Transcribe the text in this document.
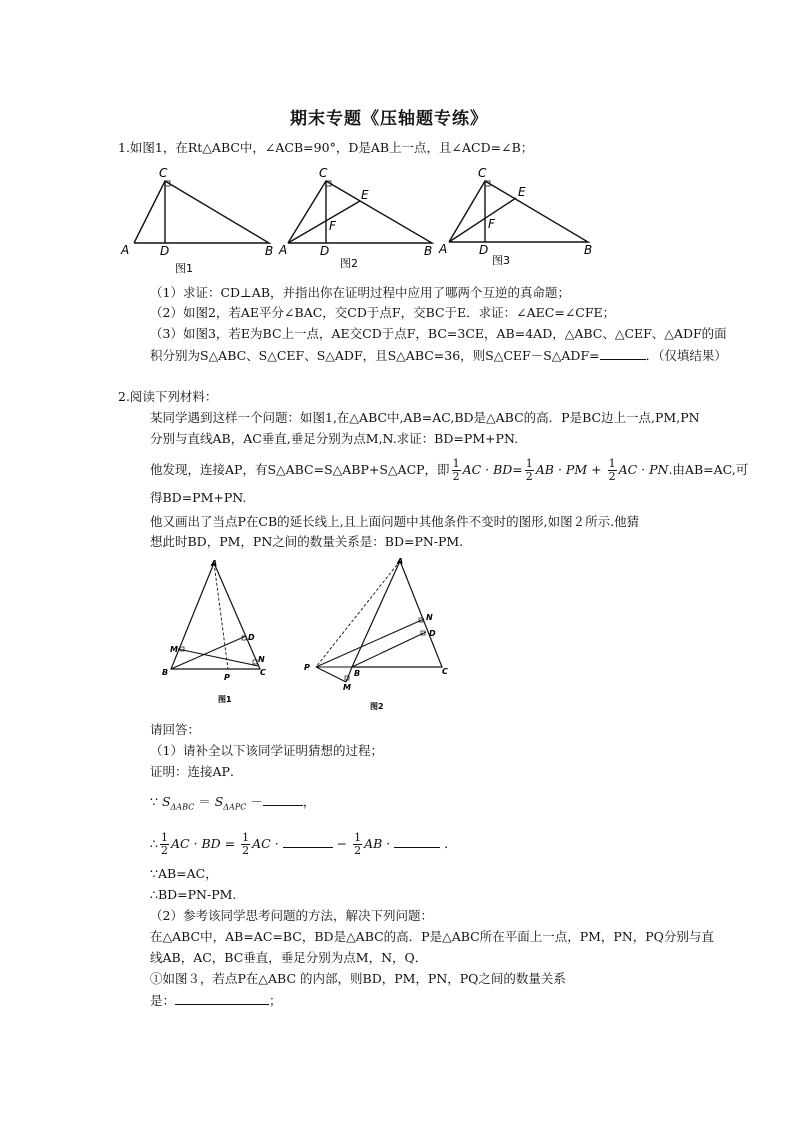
期末专题《压轴题专练》
1.如图1，在Rt△ABC中，∠ACB=90°，D是AB上一点，且∠ACD=∠B；
C
A	D	B
图1
C
E
F
A	D	B
图2
C
E
F
A	D	B
图3
（1）求证：CD⊥AB，并指出你在证明过程中应用了哪两个互逆的真命题；
（2）如图2，若AE平分∠BAC，交CD于点F，交BC于E．求证：∠AEC=∠CFE；
（3）如图3，若E为BC上一点，AE交CD于点F，BC=3CE，AB=4AD，△ABC、△CEF、△ADF的面
积分别为S△ABC、S△CEF、S△ADF，且S△ABC=36，则S△CEF－S△ADF=	．（仅填结果）
2.阅读下列材料：
某同学遇到这样一个问题：如图1,在△ABC中,AB=AC,BD是△ABC的高．P是BC边上一点,PM,PN
分别与直线AB，AC垂直,垂足分别为点M,N.求证：BD=PM+PN.
他发现，连接AP，有S△ABC=S△ABP+S△ACP，即 $\frac{1}{2}$ AC · $BD= \frac{1}{2}$ AB · PM + $\frac{1}{2}$ AC · PN.由AB=AC,可
得BD=PM+PN.
他又画出了当点P在CB的延长线上,且上面问题中其他条件不变时的图形,如图２所示.他猜
想此时BD，PM，PN之间的数量关系是：BD=PN-PM.
A
D
M
N
B
P
C
图1
A
N
D
P
B	C
M
图2
请回答：
（1）请补全以下该同学证明猜想的过程；
证明：连接AP．
∵ $S_{\Delta ABC} = S_{\Delta APC}$ －	，
∴ $\frac{1}{2}$ AC · BD = $\frac{1}{2}$ AC ·	− $\frac{1}{2}$ AB ·	．
∵AB=AC，
∴BD=PN-PM.
（2）参考该同学思考问题的方法，解决下列问题：
在△ABC中，AB=AC=BC，BD是△ABC的高．P是△ABC所在平面上一点，PM，PN，PQ分别与直
线AB，AC，BC垂直，垂足分别为点M，N，Q．
①如图３，若点P在△ABC 的内部，则BD，PM，PN，PQ之间的数量关系
是：	；
